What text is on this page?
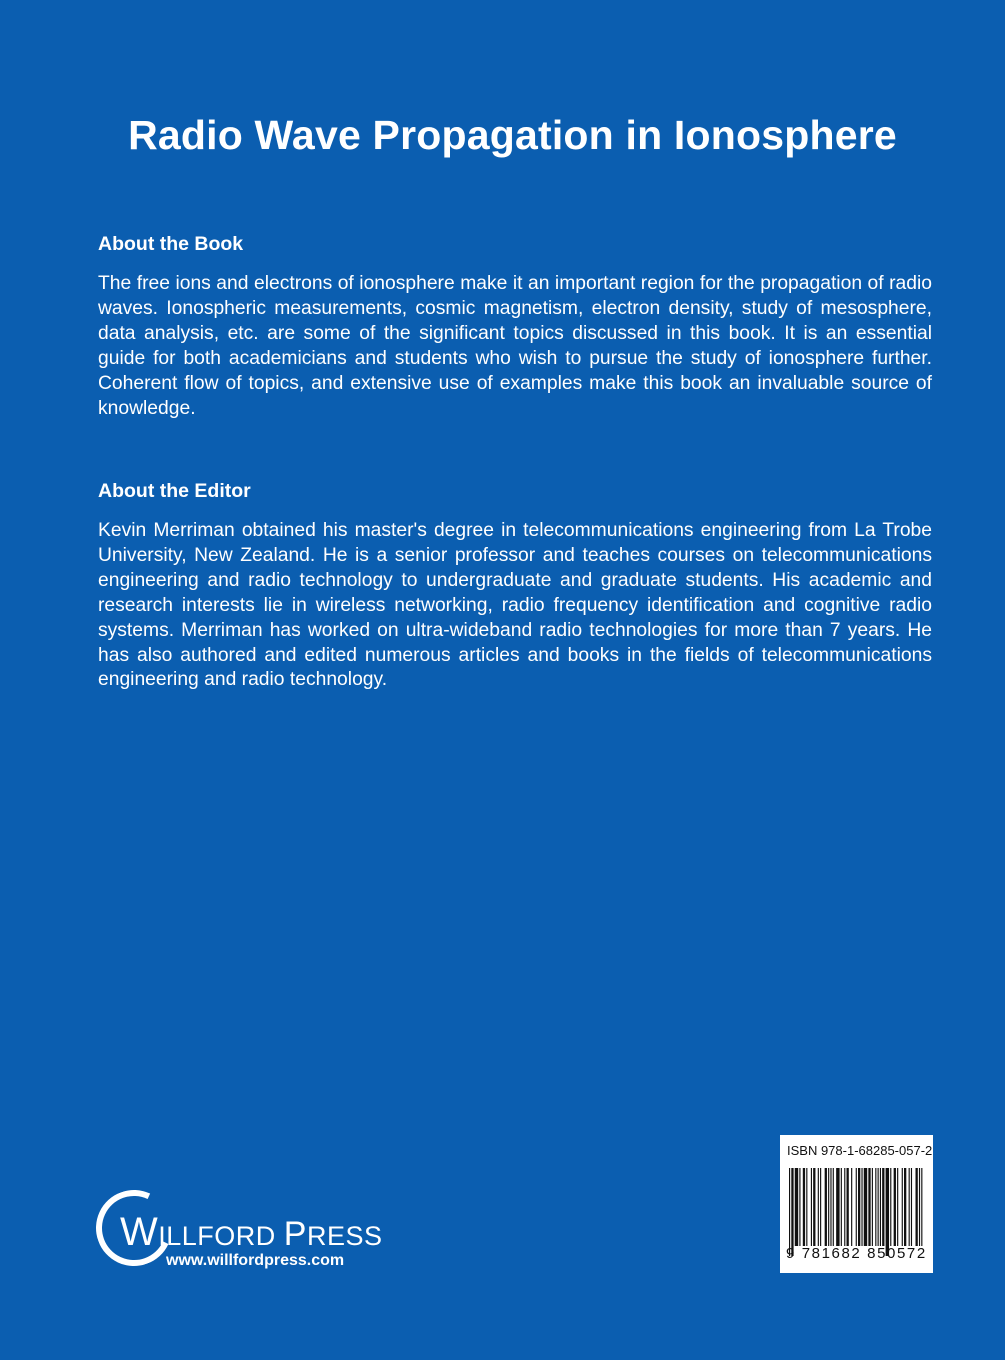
Radio Wave Propagation in Ionosphere
About the Book
The free ions and electrons of ionosphere make it an important region for the propagation of radio waves. Ionospheric measurements, cosmic magnetism, electron density, study of mesosphere, data analysis, etc. are some of the significant topics discussed in this book. It is an essential guide for both academicians and students who wish to pursue the study of ionosphere further. Coherent flow of topics, and extensive use of examples make this book an invaluable source of knowledge.
About the Editor
Kevin Merriman obtained his master's degree in telecommunications engineering from La Trobe University, New Zealand. He is a senior professor and teaches courses on telecommunications engineering and radio technology to undergraduate and graduate students. His academic and research interests lie in wireless networking, radio frequency identification and cognitive radio systems. Merriman has worked on ultra-wideband radio technologies for more than 7 years. He has also authored and edited numerous articles and books in the fields of telecommunications engineering and radio technology.
WILLFORD PRESS
www.willfordpress.com
ISBN 978-1-68285-057-2
9 781682 850572
